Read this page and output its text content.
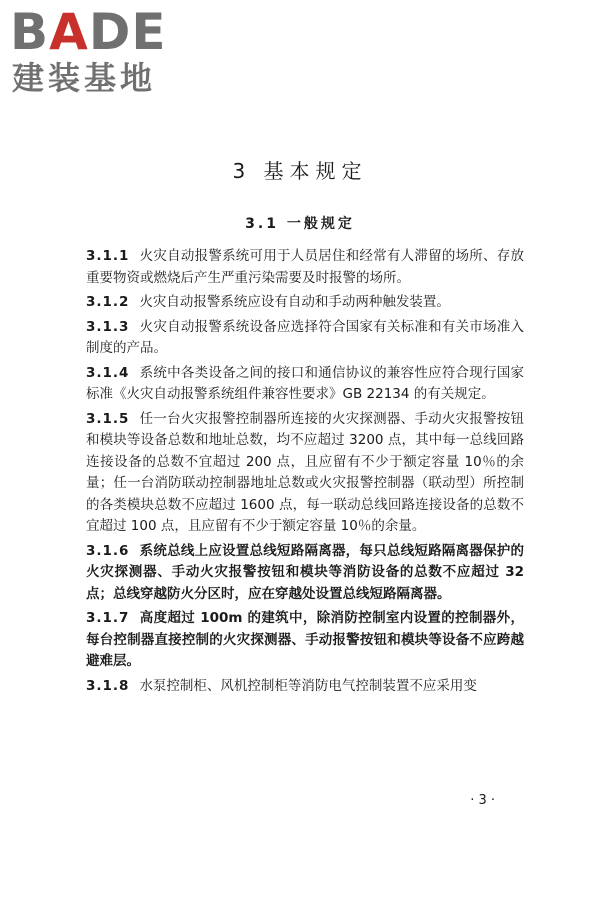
BADE
建装基地
3 基本规定
3.1 一般规定

3.1.1 火灾自动报警系统可用于人员居住和经常有人滞留的场所、存放重要物资或燃烧后产生严重污染需要及时报警的场所。

3.1.2 火灾自动报警系统应设有自动和手动两种触发装置。

3.1.3 火灾自动报警系统设备应选择符合国家有关标准和有关市场准入制度的产品。

3.1.4 系统中各类设备之间的接口和通信协议的兼容性应符合现行国家标准《火灾自动报警系统组件兼容性要求》GB 22134 的有关规定。

3.1.5 任一台火灾报警控制器所连接的火灾探测器、手动火灾报警按钮和模块等设备总数和地址总数，均不应超过 3200 点，其中每一总线回路连接设备的总数不宜超过 200 点，且应留有不少于额定容量 10％的余量；任一台消防联动控制器地址总数或火灾报警控制器（联动型）所控制的各类模块总数不应超过 1600 点，每一联动总线回路连接设备的总数不宜超过 100 点，且应留有不少于额定容量 10％的余量。

3.1.6 系统总线上应设置总线短路隔离器，每只总线短路隔离器保护的火灾探测器、手动火灾报警按钮和模块等消防设备的总数不应超过 32 点；总线穿越防火分区时，应在穿越处设置总线短路隔离器。

3.1.7 高度超过 100m 的建筑中，除消防控制室内设置的控制器外，每台控制器直接控制的火灾探测器、手动报警按钮和模块等设备不应跨越避难层。

3.1.8 水泵控制柜、风机控制柜等消防电气控制装置不应采用变

· 3 ·
